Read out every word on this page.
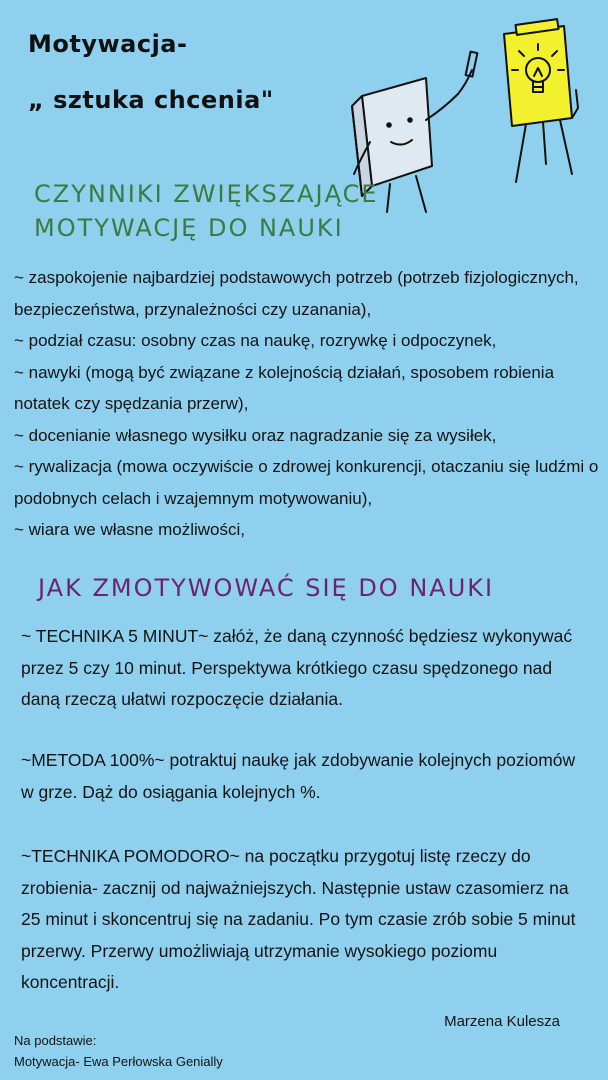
Motywacja-
„ sztuka chcenia"
CZYNNIKI ZWIĘKSZAJĄCE
MOTYWACJĘ DO NAUKI
~ zaspokojenie najbardziej podstawowych potrzeb (potrzeb fizjologicznych, bezpieczeństwa, przynależności czy uzanania),
~ podział czasu: osobny czas na naukę, rozrywkę i odpoczynek,
~ nawyki (mogą być związane z kolejnością działań, sposobem robienia notatek czy spędzania przerw),
~ docenianie własnego wysiłku oraz nagradzanie się za wysiłek,
~ rywalizacja (mowa oczywiście o zdrowej konkurencji, otaczaniu się ludźmi o podobnych celach i wzajemnym motywowaniu),
~ wiara we własne możliwości,
JAK ZMOTYWOWAĆ SIĘ DO NAUKI

~ TECHNIKA 5 MINUT~ załóż, że daną czynność będziesz wykonywać przez 5 czy 10 minut. Perspektywa krótkiego czasu spędzonego nad daną rzeczą ułatwi rozpoczęcie działania.

~METODA 100%~ potraktuj naukę jak zdobywanie kolejnych poziomów w grze. Dąż do osiągania kolejnych %.

~TECHNIKA POMODORO~ na początku przygotuj listę rzeczy do zrobienia- zacznij od najważniejszych. Następnie ustaw czasomierz na 25 minut i skoncentruj się na zadaniu. Po tym czasie zrób sobie 5 minut przerwy. Przerwy umożliwiają utrzymanie wysokiego poziomu koncentracji.

Marzena Kulesza
Na podstawie:
Motywacja- Ewa Perłowska Genially
